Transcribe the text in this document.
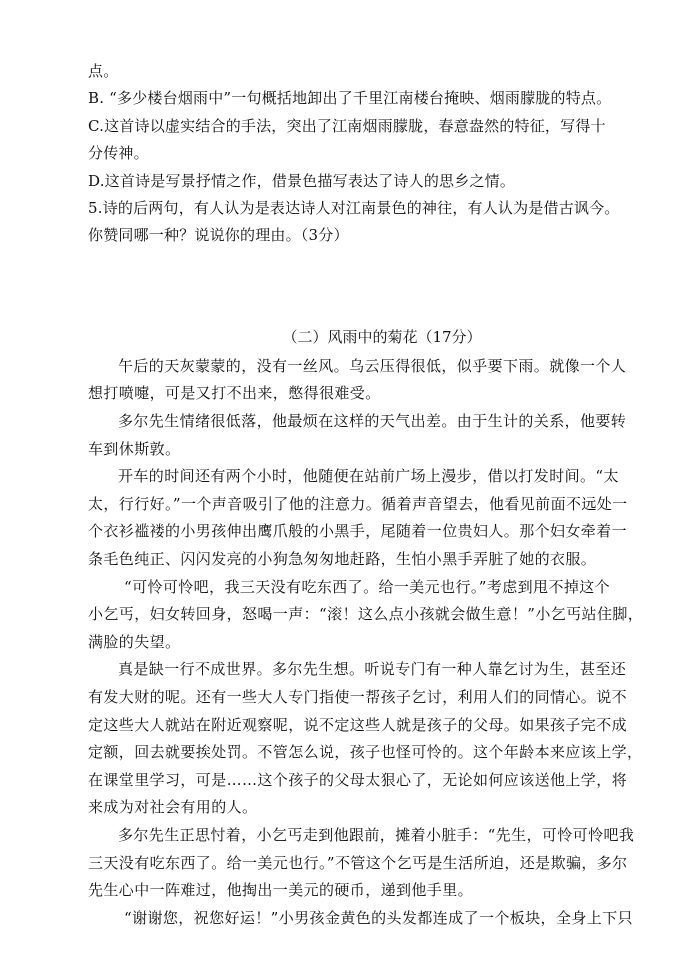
点。
B. “多少楼台烟雨中”一句概括地卸出了千里江南楼台掩映、烟雨朦胧的特点。
C.这首诗以虚实结合的手法，突出了江南烟雨朦胧，春意盎然的特征，写得十
分传神。
D.这首诗是写景抒情之作，借景色描写表达了诗人的思乡之情。
5.诗的后两句，有人认为是表达诗人对江南景色的神往，有人认为是借古讽今。
你赞同哪一种？说说你的理由。（3分）
（二）风雨中的菊花（17分）
午后的天灰蒙蒙的，没有一丝风。乌云压得很低，似乎要下雨。就像一个人
想打喷嚏，可是又打不出来，憋得很难受。
多尔先生情绪很低落，他最烦在这样的天气出差。由于生计的关系，他要转
车到休斯敦。
开车的时间还有两个小时，他随便在站前广场上漫步，借以打发时间。“太
太，行行好。”一个声音吸引了他的注意力。循着声音望去，他看见前面不远处一
个衣衫褴褛的小男孩伸出鹰爪般的小黑手，尾随着一位贵妇人。那个妇女牵着一
条毛色纯正、闪闪发亮的小狗急匆匆地赶路，生怕小黑手弄脏了她的衣服。
“可怜可怜吧，我三天没有吃东西了。给一美元也行。”考虑到甩不掉这个
小乞丐，妇女转回身，怒喝一声：“滚！这么点小孩就会做生意！”小乞丐站住脚，
满脸的失望。
真是缺一行不成世界。多尔先生想。听说专门有一种人靠乞讨为生，甚至还
有发大财的呢。还有一些大人专门指使一帮孩子乞讨，利用人们的同情心。说不
定这些大人就站在附近观察呢，说不定这些人就是孩子的父母。如果孩子完不成
定额，回去就要挨处罚。不管怎么说，孩子也怪可怜的。这个年龄本来应该上学，
在课堂里学习，可是……这个孩子的父母太狠心了，无论如何应该送他上学，将
来成为对社会有用的人。
多尔先生正思忖着，小乞丐走到他跟前，摊着小脏手：“先生，可怜可怜吧我
三天没有吃东西了。给一美元也行。”不管这个乞丐是生活所迫，还是欺骗，多尔
先生心中一阵难过，他掏出一美元的硬币，递到他手里。
“谢谢您，祝您好运！”小男孩金黄色的头发都连成了一个板块，全身上下只
